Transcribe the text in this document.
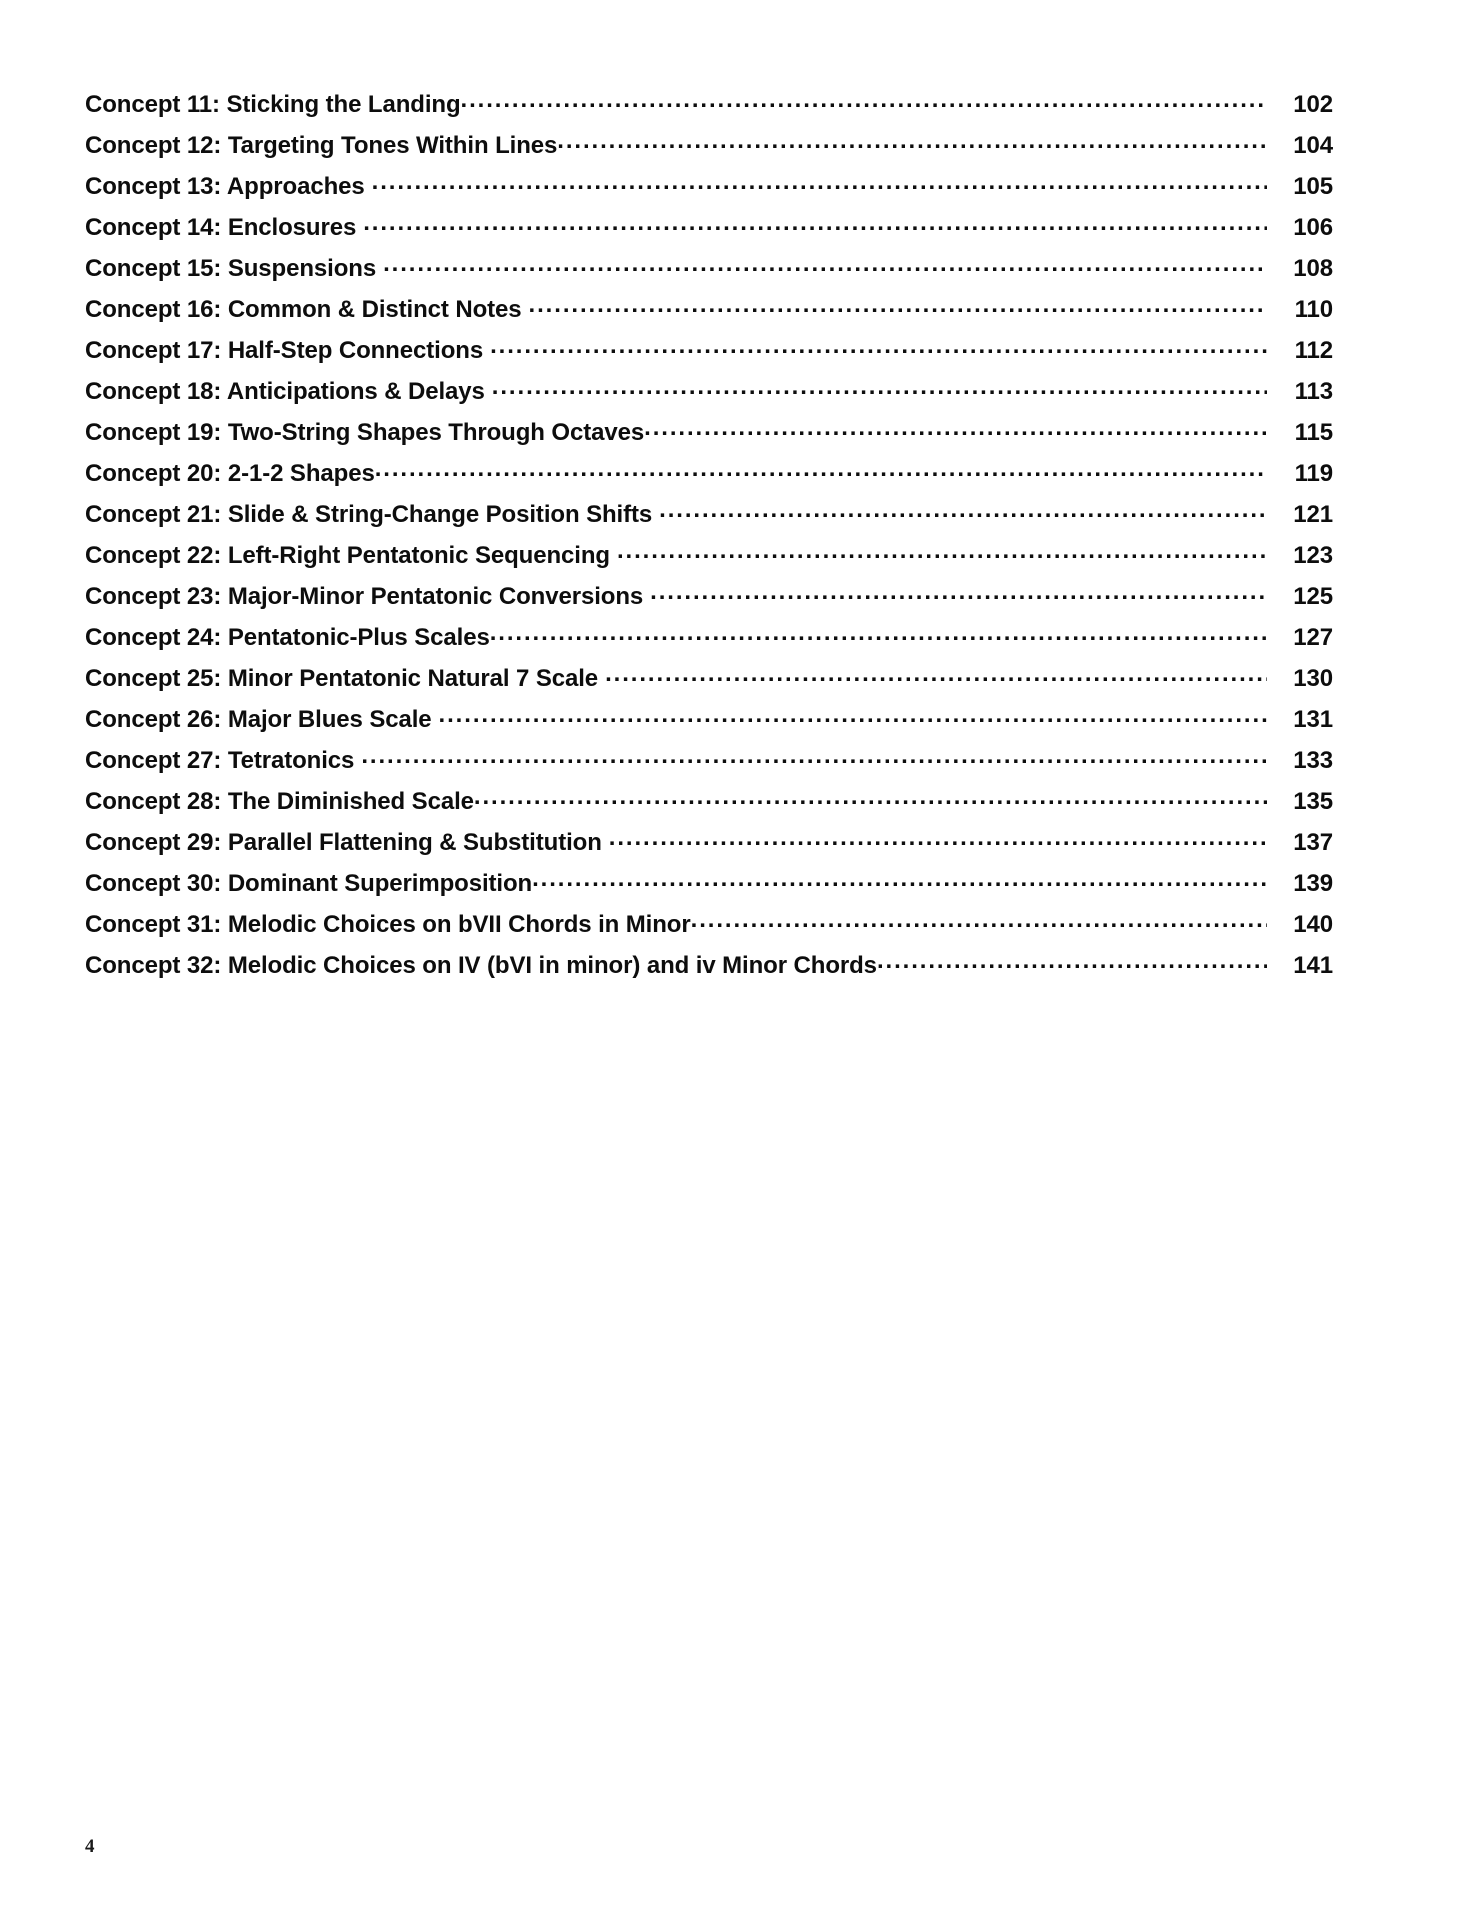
Concept 11: Sticking the Landing .....	102
Concept 12: Targeting Tones Within Lines .....	104
Concept 13: Approaches .....	105
Concept 14: Enclosures .....	106
Concept 15: Suspensions .....	108
Concept 16: Common & Distinct Notes .....	110
Concept 17: Half-Step Connections .....	112
Concept 18: Anticipations & Delays .....	113
Concept 19: Two-String Shapes Through Octaves .....	115
Concept 20: 2-1-2 Shapes .....	119
Concept 21: Slide & String-Change Position Shifts .....	121
Concept 22: Left-Right Pentatonic Sequencing .....	123
Concept 23: Major-Minor Pentatonic Conversions .....	125
Concept 24: Pentatonic-Plus Scales .....	127
Concept 25: Minor Pentatonic Natural 7 Scale .....	130
Concept 26: Major Blues Scale .....	131
Concept 27: Tetratonics .....	133
Concept 28: The Diminished Scale .....	135
Concept 29: Parallel Flattening & Substitution .....	137
Concept 30: Dominant Superimposition .....	139
Concept 31: Melodic Choices on bVII Chords in Minor .....	140
Concept 32: Melodic Choices on IV (bVI in minor) and iv Minor Chords .....	141
4
